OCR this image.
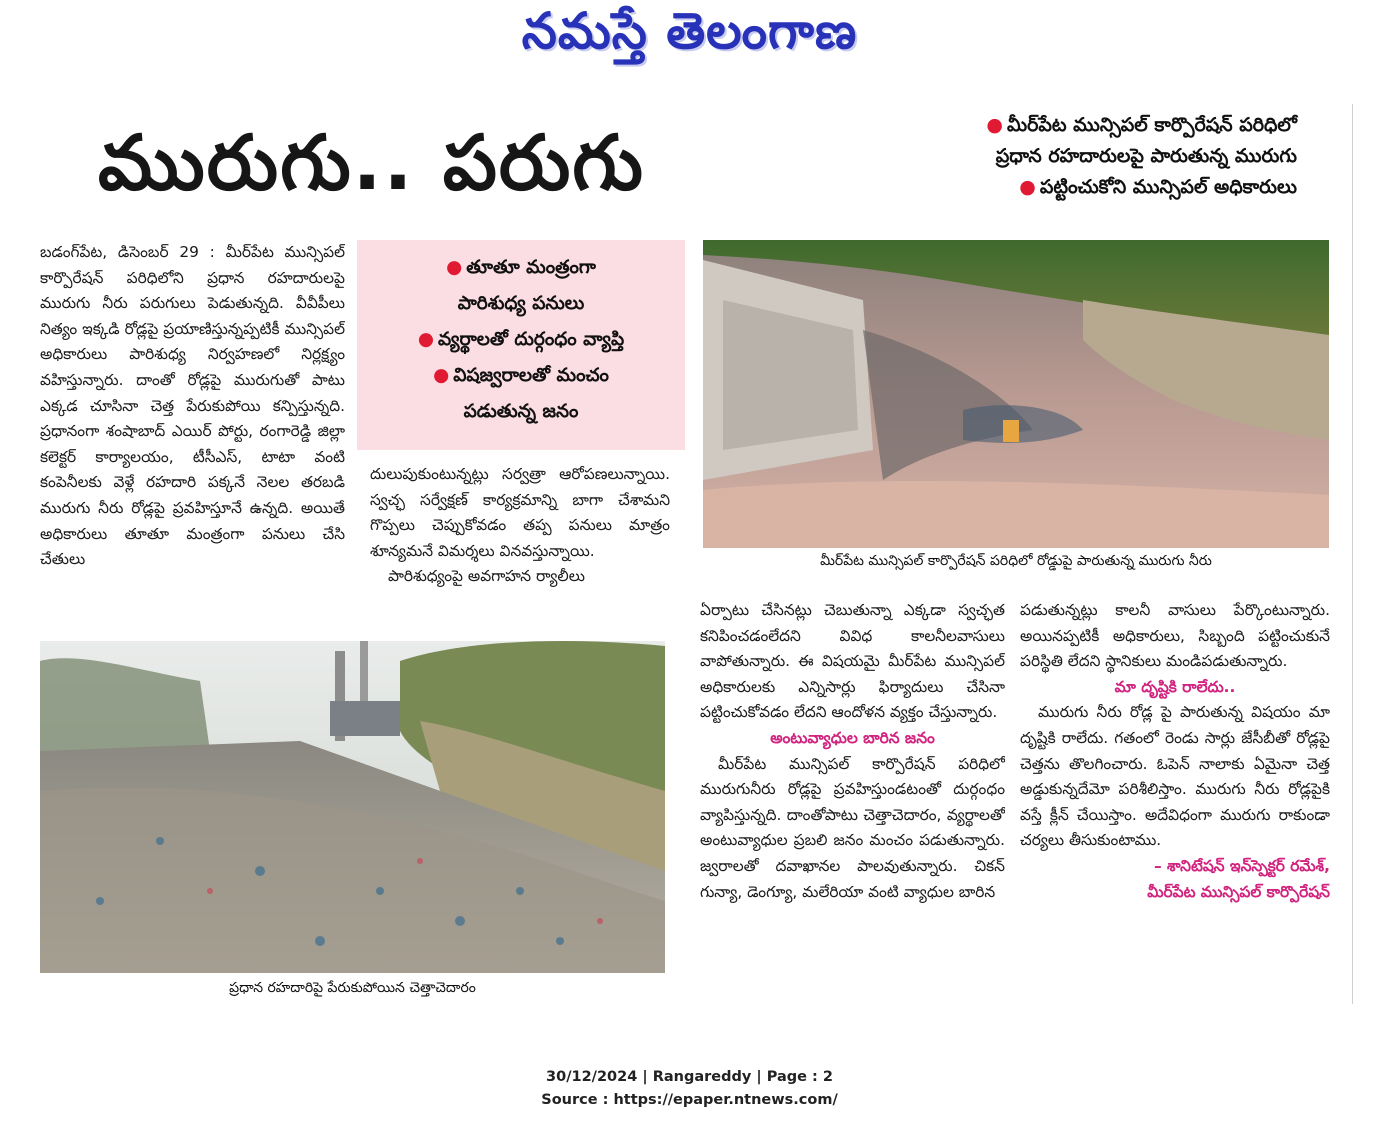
నమస్తే తెలంగాణ
మురుగు.. పరుగు	● మీర్‌పేట మున్సిపల్ కార్పొరేషన్ పరిధిలో
ప్రధాన రహదారులపై పారుతున్న మురుగు
● పట్టించుకోని మున్సిపల్ అధికారులు

బడంగ్‌పేట, డిసెంబర్ 29 : మీర్‌పేట మున్సిపల్ కార్పొరేషన్ పరిధిలోని ప్రధాన రహదారులపై మురుగు నీరు పరుగులు పెడుతున్నది. వీవీపీలు నిత్యం ఇక్కడి రోడ్లపై ప్రయాణిస్తున్నప్పటికీ మున్సిపల్ అధికారులు పారిశుధ్య నిర్వహణలో నిర్లక్ష్యం వహిస్తున్నారు. దాంతో రోడ్లపై మురుగుతో పాటు ఎక్కడ చూసినా చెత్త పేరుకుపోయి కన్పిస్తున్నది. ప్రధానంగా శంషాబాద్ ఎయిర్ పోర్టు, రంగారెడ్డి జిల్లా కలెక్టర్ కార్యాలయం, టీసీఎస్, టాటా వంటి కంపెనీలకు వెళ్లే రహదారి పక్కనే నెలల తరబడి మురుగు నీరు రోడ్లపై ప్రవహిస్తూనే ఉన్నది. అయితే అధికారులు తూతూ మంత్రంగా పనులు చేసి చేతులు

● తూతూ మంత్రంగా
పారిశుధ్య పనులు
● వ్యర్థాలతో దుర్గంధం వ్యాప్తి
● విషజ్వరాలతో మంచం
పడుతున్న జనం

దులుపుకుంటున్నట్లు సర్వత్రా ఆరోపణలున్నాయి. స్వచ్ఛ సర్వేక్షణ్ కార్యక్రమాన్ని బాగా చేశామని గొప్పలు చెప్పుకోవడం తప్ప పనులు మాత్రం శూన్యమనే విమర్శలు వినవస్తున్నాయి.

పారిశుధ్యంపై అవగాహన ర్యాలీలు

మీర్‌పేట మున్సిపల్ కార్పొరేషన్ పరిధిలో రోడ్డుపై పారుతున్న మురుగు నీరు
ప్రధాన రహదారిపై పేరుకుపోయిన చెత్తాచెదారం

ఏర్పాటు చేసినట్లు చెబుతున్నా ఎక్కడా స్వచ్ఛత కనిపించడంలేదని వివిధ కాలనీలవాసులు వాపోతున్నారు. ఈ విషయమై మీర్‌పేట మున్సిపల్ అధికారులకు ఎన్నిసార్లు ఫిర్యాదులు చేసినా పట్టించుకోవడం లేదని ఆందోళన వ్యక్తం చేస్తున్నారు.

అంటువ్యాధుల బారిన జనం

మీర్‌పేట మున్సిపల్ కార్పొరేషన్ పరిధిలో మురుగునీరు రోడ్లపై ప్రవహిస్తుండటంతో దుర్గంధం వ్యాపిస్తున్నది. దాంతోపాటు చెత్తాచెదారం, వ్యర్థాలతో అంటువ్యాధుల ప్రబలి జనం మంచం పడుతున్నారు. జ్వరాలతో దవాఖానల పాలవుతున్నారు. చికన్ గున్యా, డెంగ్యూ, మలేరియా వంటి వ్యాధుల బారిన

పడుతున్నట్లు కాలనీ వాసులు పేర్కొంటున్నారు. అయినప్పటికీ అధికారులు, సిబ్బంది పట్టించుకునే పరిస్థితి లేదని స్థానికులు మండిపడుతున్నారు.

మా దృష్టికి రాలేదు..

మురుగు నీరు రోడ్ల పై పారుతున్న విషయం మా దృష్టికి రాలేదు. గతంలో రెండు సార్లు జేసీబీతో రోడ్లపై చెత్తను తొలగించారు. ఓపెన్ నాలాకు ఏమైనా చెత్త అడ్డుకున్నదేమో పరిశీలిస్తాం. మురుగు నీరు రోడ్లపైకి వస్తే క్లీన్ చేయిస్తాం. అదేవిధంగా మురుగు రాకుండా చర్యలు తీసుకుంటాము.

– శానిటేషన్ ఇన్‌స్పెక్టర్ రమేశ్,
మీర్‌పేట మున్సిపల్ కార్పొరేషన్
30/12/2024 | Rangareddy | Page : 2
Source : https://epaper.ntnews.com/
